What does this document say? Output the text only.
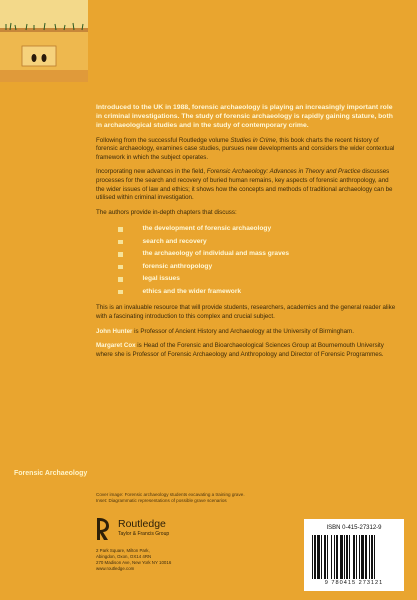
Introduced to the UK in 1988, forensic archaeology is playing an increasingly important role in criminal investigations. The study of forensic archaeology is rapidly gaining stature, both in archaeological studies and in the study of contemporary crime.

Following from the successful Routledge volume Studies in Crime, this book charts the recent history of forensic archaeology, examines case studies, pursues new developments and considers the wider contextual framework in which the subject operates.

Incorporating new advances in the field, Forensic Archaeology: Advances in Theory and Practice discusses processes for the search and recovery of buried human remains, key aspects of forensic anthropology, and the wider issues of law and ethics; it shows how the concepts and methods of traditional archaeology can be utilised within criminal investigation.

The authors provide in-depth chapters that discuss:

the development of forensic archaeology
search and recovery
the archaeology of individual and mass graves
forensic anthropology
legal issues
ethics and the wider framework

This is an invaluable resource that will provide students, researchers, academics and the general reader alike with a fascinating introduction to this complex and crucial subject.

John Hunter is Professor of Ancient History and Archaeology at the University of Birmingham.

Margaret Cox is Head of the Forensic and Bioarchaeological Sciences Group at Bournemouth University where she is Professor of Forensic Archaeology and Anthropology and Director of Forensic Programmes.

Forensic Archaeology
Cover image: Forensic archaeology students excavating a training grave.
Inset: Diagrammatic representations of possible grave scenarios
Routledge
Taylor & Francis Group
2 Park Square, Milton Park,
Abingdon, Oxon, OX14 4RN
270 Madison Ave, New York NY 10016
www.routledge.com
ISBN 0-415-27312-9
9 780415 273121
